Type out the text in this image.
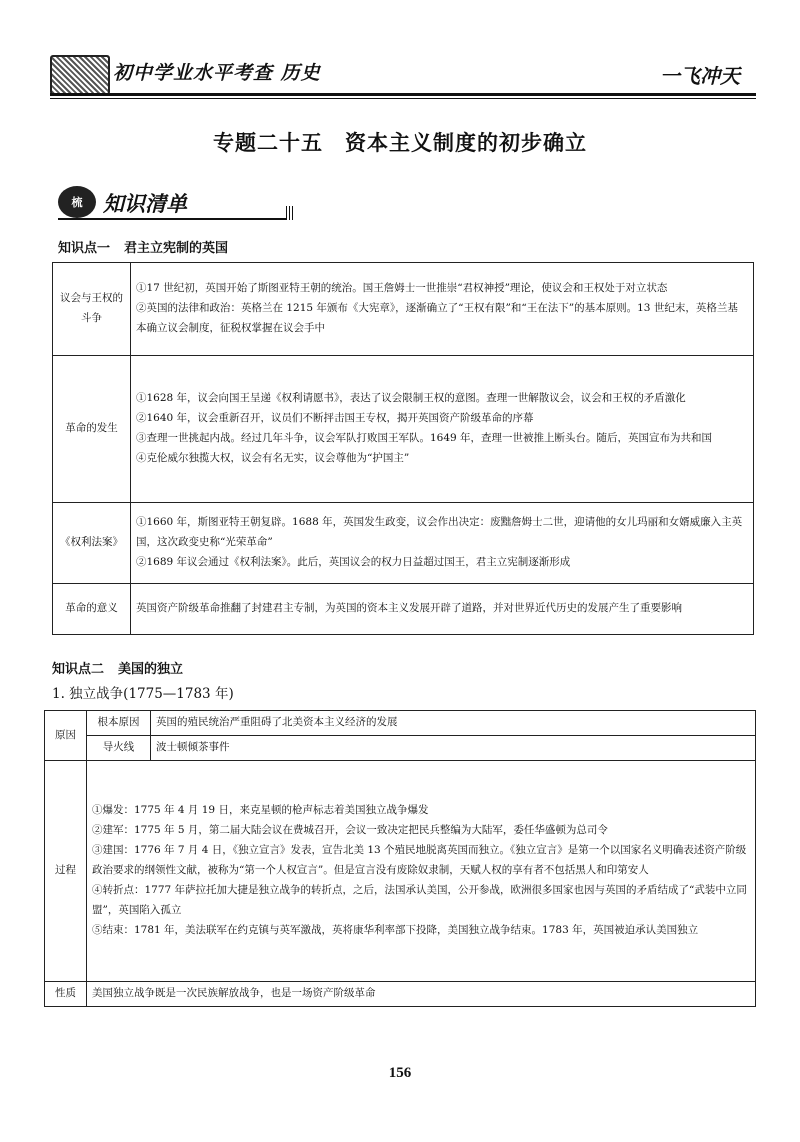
初中学业水平考查 历史	一飞冲天
专题二十五　资本主义制度的初步确立
梳 知识清单
知识点一 君主立宪制的英国
议会与王权的斗争	①17 世纪初，英国开始了斯图亚特王朝的统治。国王詹姆士一世推崇“君权神授”理论，使议会和王权处于对立状态

②英国的法律和政治：英格兰在 1215 年颁布《大宪章》，逐渐确立了“王权有限”和“王在法下”的基本原则。13 世纪末，英格兰基本确立议会制度，征税权掌握在议会手中

革命的发生	①1628 年，议会向国王呈递《权利请愿书》，表达了议会限制王权的意图。查理一世解散议会，议会和王权的矛盾激化

②1640 年，议会重新召开，议员们不断抨击国王专权，揭开英国资产阶级革命的序幕

③查理一世挑起内战。经过几年斗争，议会军队打败国王军队。1649 年，查理一世被推上断头台。随后，英国宣布为共和国

④克伦威尔独揽大权，议会有名无实，议会尊他为“护国主”

《权利法案》	①1660 年，斯图亚特王朝复辟。1688 年，英国发生政变，议会作出决定：废黜詹姆士二世，迎请他的女儿玛丽和女婿威廉入主英国，这次政变史称“光荣革命”

②1689 年议会通过《权利法案》。此后，英国议会的权力日益超过国王，君主立宪制逐渐形成

革命的意义	英国资产阶级革命推翻了封建君主专制，为英国的资本主义发展开辟了道路，并对世界近代历史的发展产生了重要影响

知识点二 美国的独立
1. 独立战争(1775—1783 年)
原因	根本原因	英国的殖民统治严重阻碍了北美资本主义经济的发展
	导火线	波士顿倾茶事件
过程	①爆发：1775 年 4 月 19 日，来克星顿的枪声标志着美国独立战争爆发

②建军：1775 年 5 月，第二届大陆会议在费城召开，会议一致决定把民兵整编为大陆军，委任华盛顿为总司令

③建国：1776 年 7 月 4 日，《独立宣言》发表，宣告北美 13 个殖民地脱离英国而独立。《独立宣言》是第一个以国家名义明确表述资产阶级政治要求的纲领性文献，被称为“第一个人权宣言”。但是宣言没有废除奴隶制，天赋人权的享有者不包括黑人和印第安人

④转折点：1777 年萨拉托加大捷是独立战争的转折点，之后，法国承认美国，公开参战，欧洲很多国家也因与英国的矛盾结成了“武装中立同盟”，英国陷入孤立

⑤结束：1781 年，美法联军在约克镇与英军激战，英将康华利率部下投降，美国独立战争结束。1783 年，英国被迫承认美国独立	

性质	美国独立战争既是一次民族解放战争，也是一场资产阶级革命	
156
